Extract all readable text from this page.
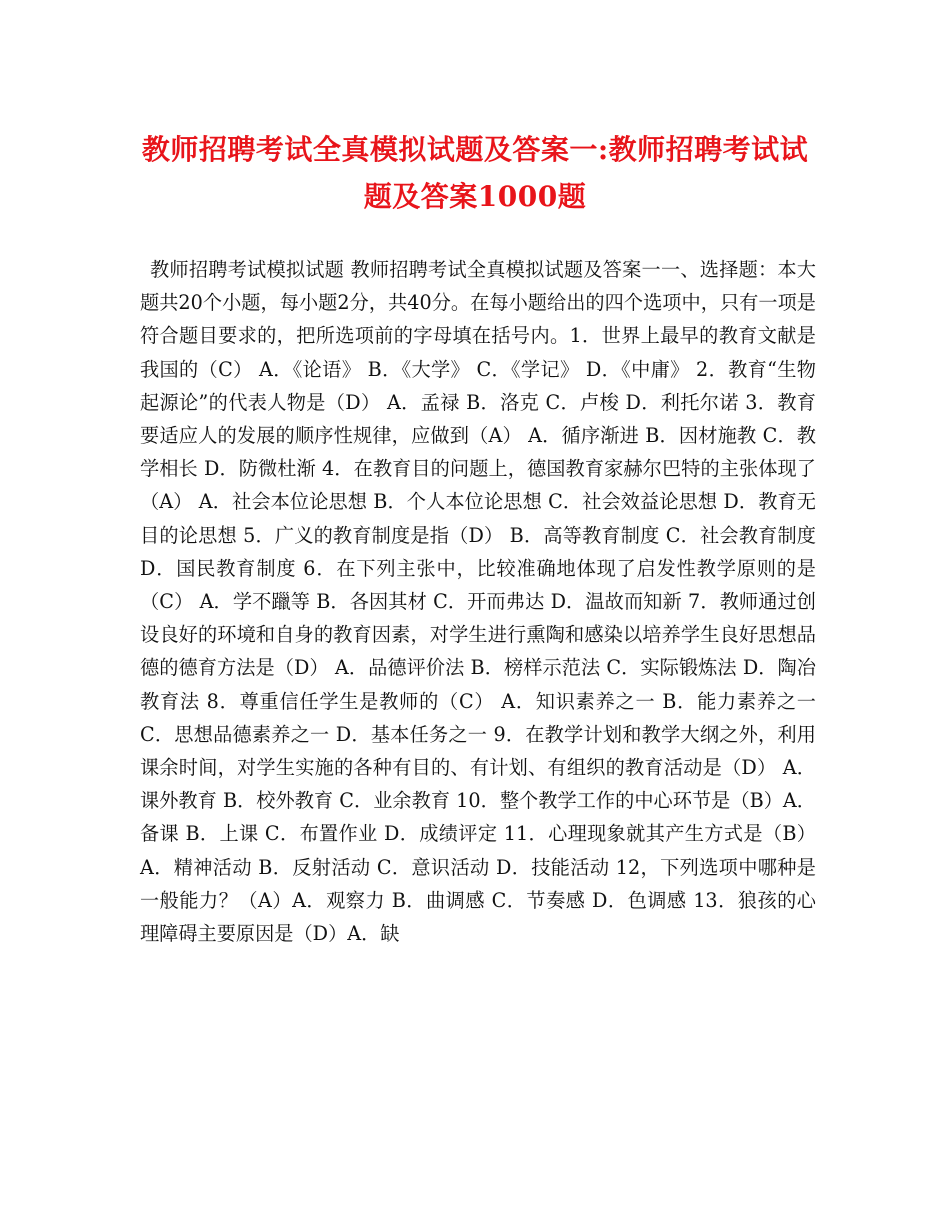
教师招聘考试全真模拟试题及答案一:教师招聘考试试题及答案1000题

教师招聘考试模拟试题 教师招聘考试全真模拟试题及答案一一、选择题：本大题共20个小题，每小题2分，共40分。在每小题给出的四个选项中，只有一项是符合题目要求的，把所选项前的字母填在括号内。1．世界上最早的教育文献是我国的（C） A．《论语》 B．《大学》 C．《学记》 D．《中庸》 2．教育“生物起源论”的代表人物是（D） A．孟禄 B．洛克 C．卢梭 D．利托尔诺 3．教育要适应人的发展的顺序性规律，应做到（A） A．循序渐进 B．因材施教 C．教学相长 D．防微杜渐 4．在教育目的问题上，德国教育家赫尔巴特的主张体现了（A） A．社会本位论思想 B．个人本位论思想 C．社会效益论思想 D．教育无目的论思想 5．广义的教育制度是指（D） B．高等教育制度 C．社会教育制度 D．国民教育制度 6．在下列主张中，比较准确地体现了启发性教学原则的是（C） A．学不躐等 B．各因其材 C．开而弗达 D．温故而知新 7．教师通过创设良好的环境和自身的教育因素，对学生进行熏陶和感染以培养学生良好思想品德的德育方法是（D） A．品德评价法 B．榜样示范法 C．实际锻炼法 D．陶冶教育法 8．尊重信任学生是教师的（C） A．知识素养之一 B．能力素养之一 C．思想品德素养之一 D．基本任务之一 9．在教学计划和教学大纲之外，利用课余时间，对学生实施的各种有目的、有计划、有组织的教育活动是（D） A．课外教育 B．校外教育 C．业余教育 10．整个教学工作的中心环节是（B）A．备课 B．上课 C．布置作业 D．成绩评定 11．心理现象就其产生方式是（B）A．精神活动 B．反射活动 C．意识活动 D．技能活动 12，下列选项中哪种是一般能力？（A）A．观察力 B．曲调感 C．节奏感 D．色调感 13．狼孩的心理障碍主要原因是（D）A．缺
